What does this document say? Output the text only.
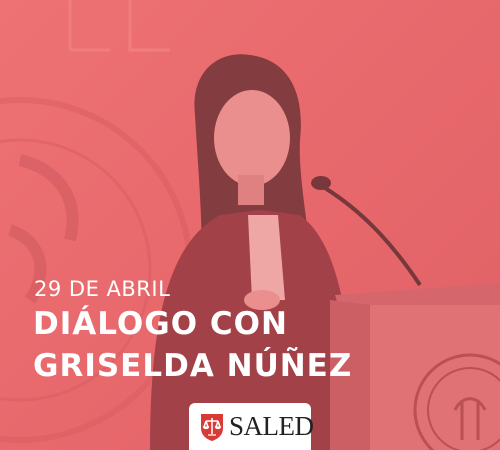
29 DE ABRIL
DIÁLOGO CON
GRISELDA NÚÑEZ
SALED
